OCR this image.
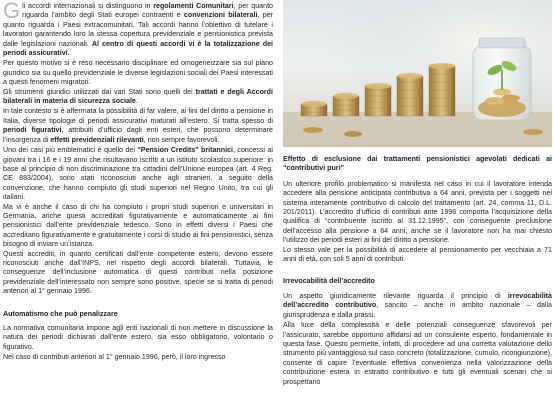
Gli accordi internazionali si distinguono in regolamenti Comunitari, per quanto riguarda l’ambito degli Stati europei contraenti e convenzioni bilaterali, per quanto riguarda i Paesi extracomunitari. Tali accordi hanno l’obiettivo di tutelare i lavoratori garantendo loro la stessa copertura previdenziale e pensionistica prevista dalle legislazioni nazionali. Al centro di questi accordi vi è la totalizzazione dei periodi assicurativi.

Per questo motivo si è reso necessario disciplinare ed omogeneizzare sia sul piano giuridico sia su quello previdenziale le diverse legislazioni sociali dei Paesi interessati a questi fenomeni migratori.

Gli strumenti giuridici utilizzati dai vari Stati sono quelli dei trattati e degli Accordi bilaterali in materia di sicurezza sociale.

In tale contesto si è affermata la possibilità di far valere, ai fini del diritto a pensione in Italia, diverse tipologie di periodi assicurativi maturati all’estero. Si tratta spesso di periodi figurativi, attribuiti d’ufficio dagli enti esteri, che possono determinare l’insorgenza di effetti previdenziali rilevanti, non sempre favorevoli.

Uno dei casi più emblematici è quello dei "Pension Credits" britannici, concessi ai giovani tra i 16 e i 19 anni che risultavano iscritti a un istituto scolastico superiore: in base al principio di non discriminazione tra cittadini dell’Unione europea (art. 4 Reg. CE 883/2004), sono stati riconosciuti anche agli stranieri, a seguito della convenzione, che hanno compiuto gli studi superiori nel Regno Unito, tra cui gli italiani.

Ma vi è anche il caso di chi ha compiuto i propri studi superiori e universitari in Germania, anche questi accreditati figurativamente e automaticamente ai fini pensionistici dall’ente previdenziale tedesco. Sono in effetti diversi i Paesi che accreditano figurativamente e gratuitamente i corsi di studio ai fini pensionistici, senza bisogno di inviare un’istanza.

Questi accrediti, in quanto certificati dall’ente competente estero, devono essere riconosciuti anche dall’INPS, nel rispetto degli accordi bilaterali. Tuttavia, le conseguenze dell’inclusione automatica di questi contributi nella posizione previdenziale dell’interessato non sempre sono positive, specie se si tratta di periodi anteriori al 1° gennaio 1996.

Automatismo che può penalizzare

La normativa comunitaria impone agli enti nazionali di non mettere in discussione la natura dei periodi dichiarati dall’ente estero, sia esso obbligatorio, volontario o figurativo.

Nel caso di contributi anteriori al 1° gennaio 1996, però, il loro ingresso

Effetto di esclusione dai trattamenti pensionistici agevolati dedicati ai “contributivi puri”

Un ulteriore profilo problematico si manifesta nel caso in cui il lavoratore intenda accedere alla pensione anticipata contributiva a 64 anni, prevista per i soggetti nel sistema interamente contributivo di calcolo del trattamento (art. 24, comma 11, D.L. 201/2011). L’accredito d’ufficio di contributi ante 1996 comporta l’acquisizione della qualifica di “contribuente iscritto al 31.12.1995”, con conseguente preclusione dell’accesso alla pensione a 64 anni, anche se il lavoratore non ha mai chiesto l’utilizzo dei periodi esteri ai fini del diritto a pensione.

Lo stesso vale per la possibilità di accedere al pensionamento per vecchiaia a 71 anni di età, con soli 5 anni di contributi.

Irrevocabilità dell’accredito

Un aspetto giuridicamente rilevante riguarda il principio di irrevocabilità dell’accredito contributivo, sancito – anche in ambito nazionale – dalla giurisprudenza e dalla prassi.

Alla luce della complessità e delle potenziali conseguenze sfavorevoli per l’assicurato, sarebbe opportuno affidarsi ad un consulente esperto, fondamentale in questa fase. Questo permette, infatti, di procedere ad una corretta valutazione dello strumento più vantaggioso sul caso concreto (totalizzazione, cumulo, ricongiunzione), consente di capire l’eventuale effettiva convenienza nella valorizzazione della contribuzione estera in estratto contributivo e tutti gli eventuali scenari che si prospettano
